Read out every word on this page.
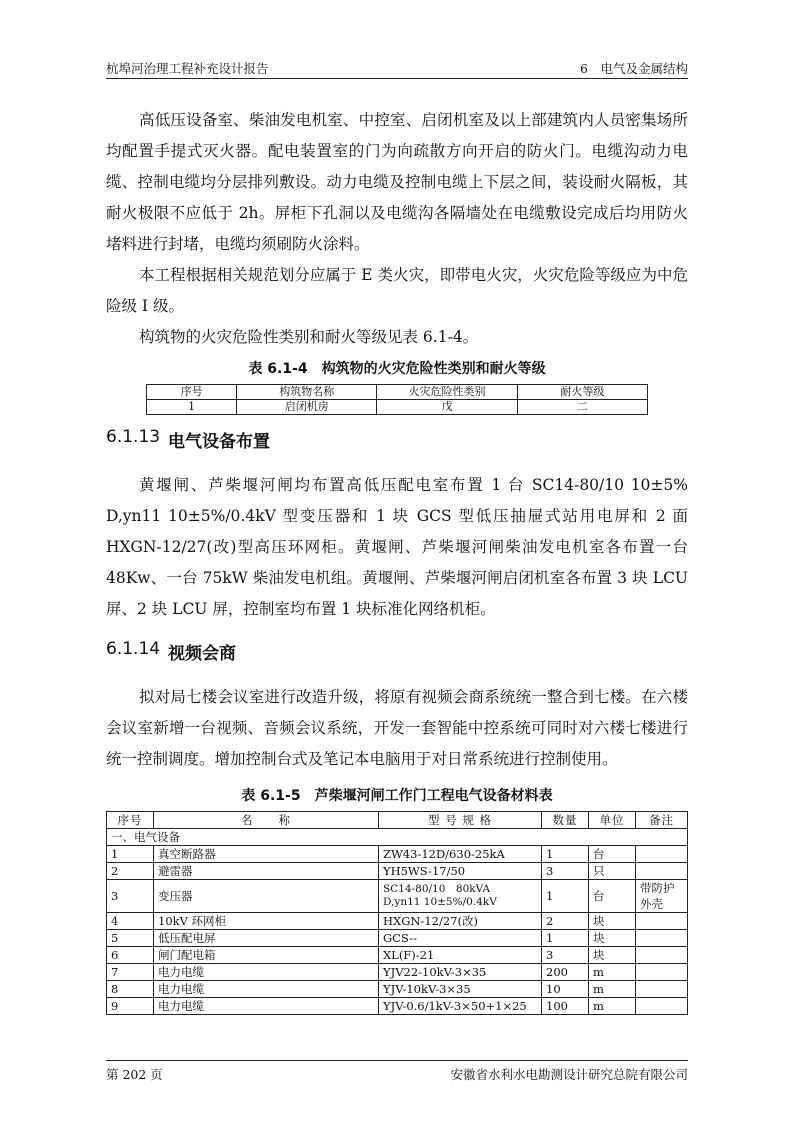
杭埠河治理工程补充设计报告	6　电气及金属结构

高低压设备室、柴油发电机室、中控室、启闭机室及以上部建筑内人员密集场所均配置手提式灭火器。配电装置室的门为向疏散方向开启的防火门。电缆沟动力电缆、控制电缆均分层排列敷设。动力电缆及控制电缆上下层之间，装设耐火隔板，其耐火极限不应低于 2h。屏柜下孔洞以及电缆沟各隔墙处在电缆敷设完成后均用防火堵料进行封堵，电缆均须刷防火涂料。

本工程根据相关规范划分应属于 E 类火灾，即带电火灾，火灾危险等级应为中危险级 I 级。

构筑物的火灾危险性类别和耐火等级见表 6.1-4。

表 6.1-4　构筑物的火灾危险性类别和耐火等级
序号	构筑物名称	火灾危险性类别	耐火等级
1	启闭机房	戊	二
6.1.13 电气设备布置

黄堰闸、芦柴堰河闸均布置高低压配电室布置 1 台 SC14-80/10 10±5% D,yn11 10±5%/0.4kV 型变压器和 1 块 GCS 型低压抽屉式站用电屏和 2 面 HXGN-12/27(改)型高压环网柜。黄堰闸、芦柴堰河闸柴油发电机室各布置一台 48Kw、一台 75kW 柴油发电机组。黄堰闸、芦柴堰河闸启闭机室各布置 3 块 LCU 屏、2 块 LCU 屏，控制室均布置 1 块标准化网络机柜。

6.1.14 视频会商

拟对局七楼会议室进行改造升级，将原有视频会商系统统一整合到七楼。在六楼会议室新增一台视频、音频会议系统，开发一套智能中控系统可同时对六楼七楼进行统一控制调度。增加控制台式及笔记本电脑用于对日常系统进行控制使用。

表 6.1-5　芦柴堰河闸工作门工程电气设备材料表
序号	名　　称	型 号 规 格	数量	单位	备注
一、电气设备					
1	真空断路器	ZW43-12D/630-25kA	1	台	
2	避雷器	YH5WS-17/50	3	只	
3	变压器	SC14-80/10　80kVA　D,yn11 10±5%/0.4kV	1	台	带防护外壳
4	10kV 环网柜	HXGN-12/27(改)	2	块	
5	低压配电屏	GCS--	1	块	
6	闸门配电箱	XL(F)-21	3	块	
7	电力电缆	YJV22-10kV-3×35	200	m	
8	电力电缆	YJV-10kV-3×35	10	m	
9	电力电缆	YJV-0.6/1kV-3×50+1×25	100	m	
第 202 页	安徽省水利水电勘测设计研究总院有限公司
